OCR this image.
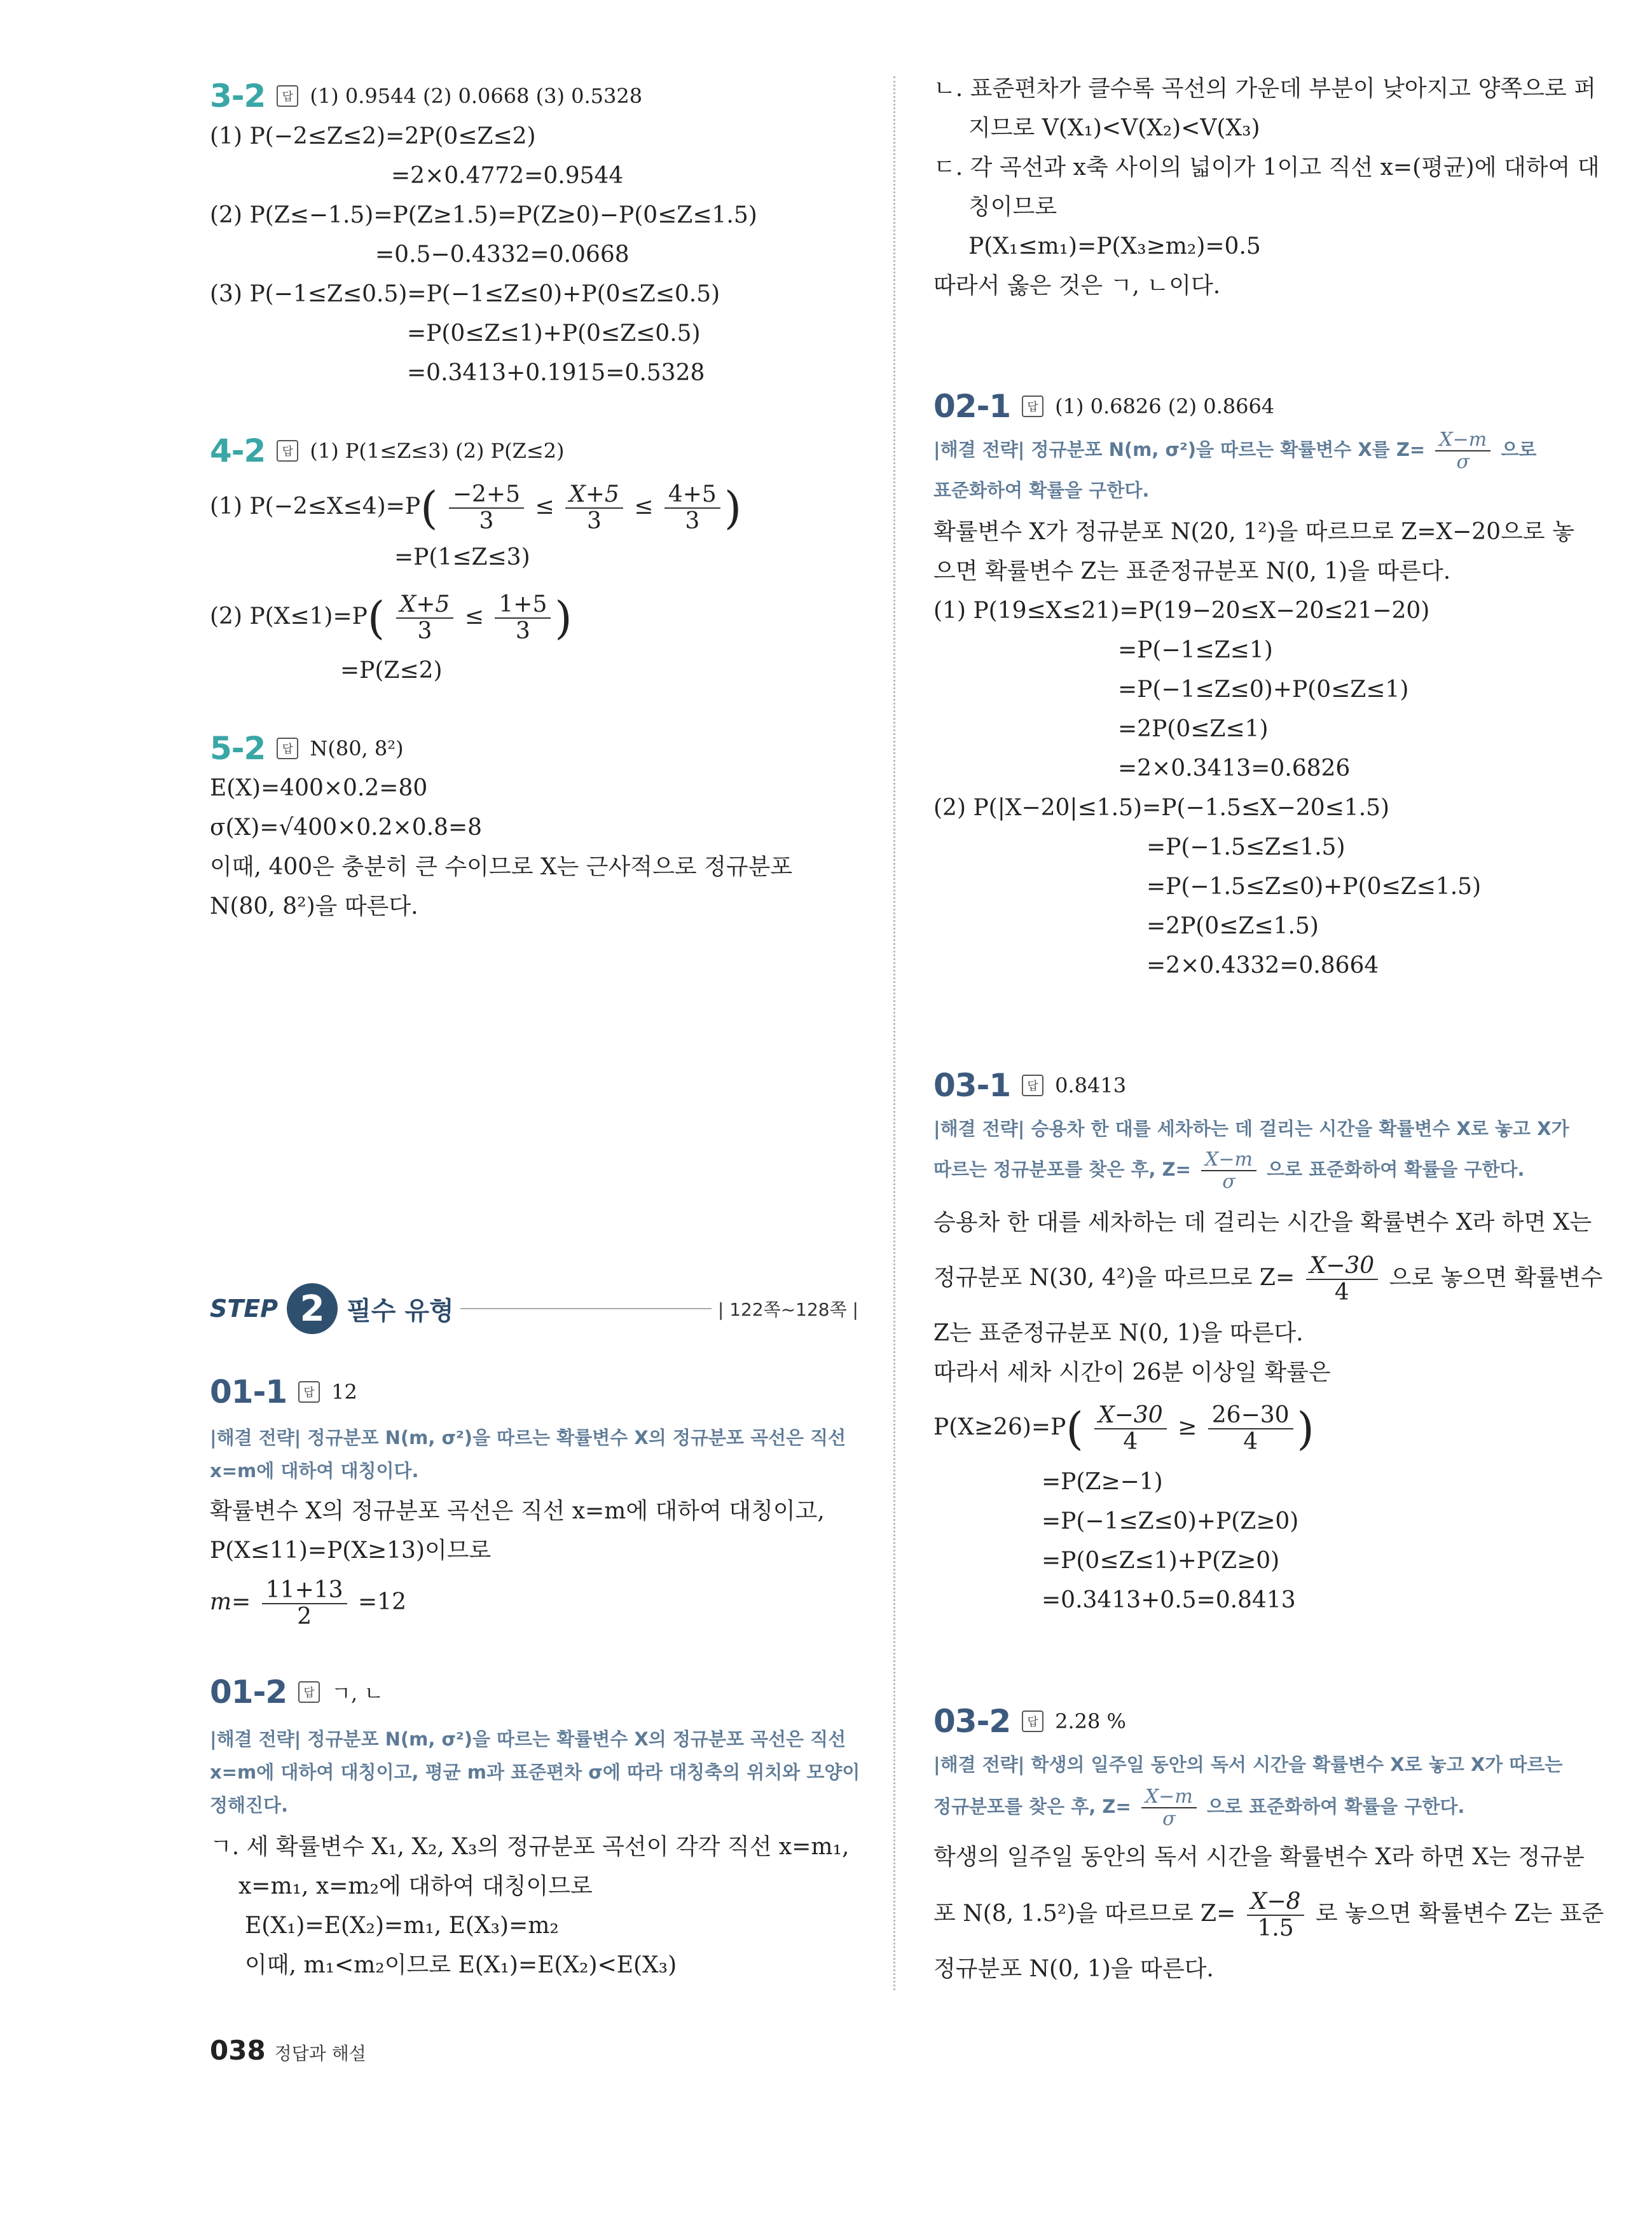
3-2	답 (1) 0.9544 (2) 0.0668 (3) 0.5328
(1) P(−2≤Z≤2)=2P(0≤Z≤2)
=2×0.4772=0.9544
(2) P(Z≤−1.5)=P(Z≥1.5)=P(Z≥0)−P(0≤Z≤1.5)
=0.5−0.4332=0.0668
(3) P(−1≤Z≤0.5)=P(−1≤Z≤0)+P(0≤Z≤0.5)
=P(0≤Z≤1)+P(0≤Z≤0.5)
=0.3413+0.1915=0.5328
4-2	답 (1) P(1≤Z≤3) (2) P(Z≤2)
(1) $P(-2\le X\le 4)=P( \frac{-2+5}{3} \le \frac{X+5}{3} \le \frac{4+5}{3}$ )
=P(1≤Z≤3)
(2) $P(X\le 1)=P( \frac{X+5}{3} \le \frac{1+5}{3}$ )
=P(Z≤2)
5-2	답 N(80, 8²)
E(X)=400×0.2=80
σ(X)=√400×0.2×0.8=8
이때, 400은 충분히 큰 수이므로 X는 근사적으로 정규분포
N(80, 8²)을 따른다.
01-1	답 12
|해결 전략| 정규분포 N(m, σ²)을 따르는 확률변수 X의 정규분포 곡선은 직선
x=m에 대하여 대칭이다.
확률변수 X의 정규분포 곡선은 직선 x=m에 대하여 대칭이고,
P(X≤11)=P(X≥13)이므로
$m= \frac{11+13}{2} =12$
01-2	답 ㄱ, ㄴ
|해결 전략| 정규분포 N(m, σ²)을 따르는 확률변수 X의 정규분포 곡선은 직선
x=m에 대하여 대칭이고, 평균 m과 표준편차 σ에 따라 대칭축의 위치와 모양이
정해진다.
ㄱ. 세 확률변수 X₁, X₂, X₃의 정규분포 곡선이 각각 직선 x=m₁,
x=m₁, x=m₂에 대하여 대칭이므로
E(X₁)=E(X₂)=m₁, E(X₃)=m₂
이때, m₁<m₂이므로 E(X₁)=E(X₂)<E(X₃)
STEP 2 필수 유형	| 122쪽~128쪽 |
ㄴ. 표준편차가 클수록 곡선의 가운데 부분이 낮아지고 양쪽으로 퍼
지므로 V(X₁)<V(X₂)<V(X₃)
ㄷ. 각 곡선과 x축 사이의 넓이가 1이고 직선 x=(평균)에 대하여 대
칭이므로
P(X₁≤m₁)=P(X₃≥m₂)=0.5
따라서 옳은 것은 ㄱ, ㄴ이다.
02-1	답 (1) 0.6826 (2) 0.8664
|해결 전략| 정규분포 N(m, σ²)을 따르는 확률변수 X를 $Z= \frac{X-m}{\sigma}$ 으로
표준화하여 확률을 구한다.
확률변수 X가 정규분포 N(20, 1²)을 따르므로 Z=X−20으로 놓
으면 확률변수 Z는 표준정규분포 N(0, 1)을 따른다.
(1) P(19≤X≤21)=P(19−20≤X−20≤21−20)
=P(−1≤Z≤1)
=P(−1≤Z≤0)+P(0≤Z≤1)
=2P(0≤Z≤1)
=2×0.3413=0.6826
(2) P(|X−20|≤1.5)=P(−1.5≤X−20≤1.5)
=P(−1.5≤Z≤1.5)
=P(−1.5≤Z≤0)+P(0≤Z≤1.5)
=2P(0≤Z≤1.5)
=2×0.4332=0.8664
03-1	답 0.8413
|해결 전략| 승용차 한 대를 세차하는 데 걸리는 시간을 확률변수 X로 놓고 X가
따르는 정규분포를 찾은 후, $Z= \frac{X-m}{\sigma}$ 으로 표준화하여 확률을 구한다.
승용차 한 대를 세차하는 데 걸리는 시간을 확률변수 X라 하면 X는
정규분포 N(30, 4²)을 따르므로 $Z= \frac{X-30}{4}$ 으로 놓으면 확률변수
Z는 표준정규분포 N(0, 1)을 따른다.
따라서 세차 시간이 26분 이상일 확률은
$P(X\ge 26)=P( \frac{X-30}{4} \ge \frac{26-30}{4}$ )
=P(Z≥−1)
=P(−1≤Z≤0)+P(Z≥0)
=P(0≤Z≤1)+P(Z≥0)
=0.3413+0.5=0.8413
03-2	답 2.28 %
|해결 전략| 학생의 일주일 동안의 독서 시간을 확률변수 X로 놓고 X가 따르는
정규분포를 찾은 후, $Z= \frac{X-m}{\sigma}$ 으로 표준화하여 확률을 구한다.
학생의 일주일 동안의 독서 시간을 확률변수 X라 하면 X는 정규분
포 N(8, 1.5²)을 따르므로 $Z= \frac{X-8}{1.5}$ 로 놓으면 확률변수 Z는 표준
정규분포 N(0, 1)을 따른다.
038 정답과 해설
